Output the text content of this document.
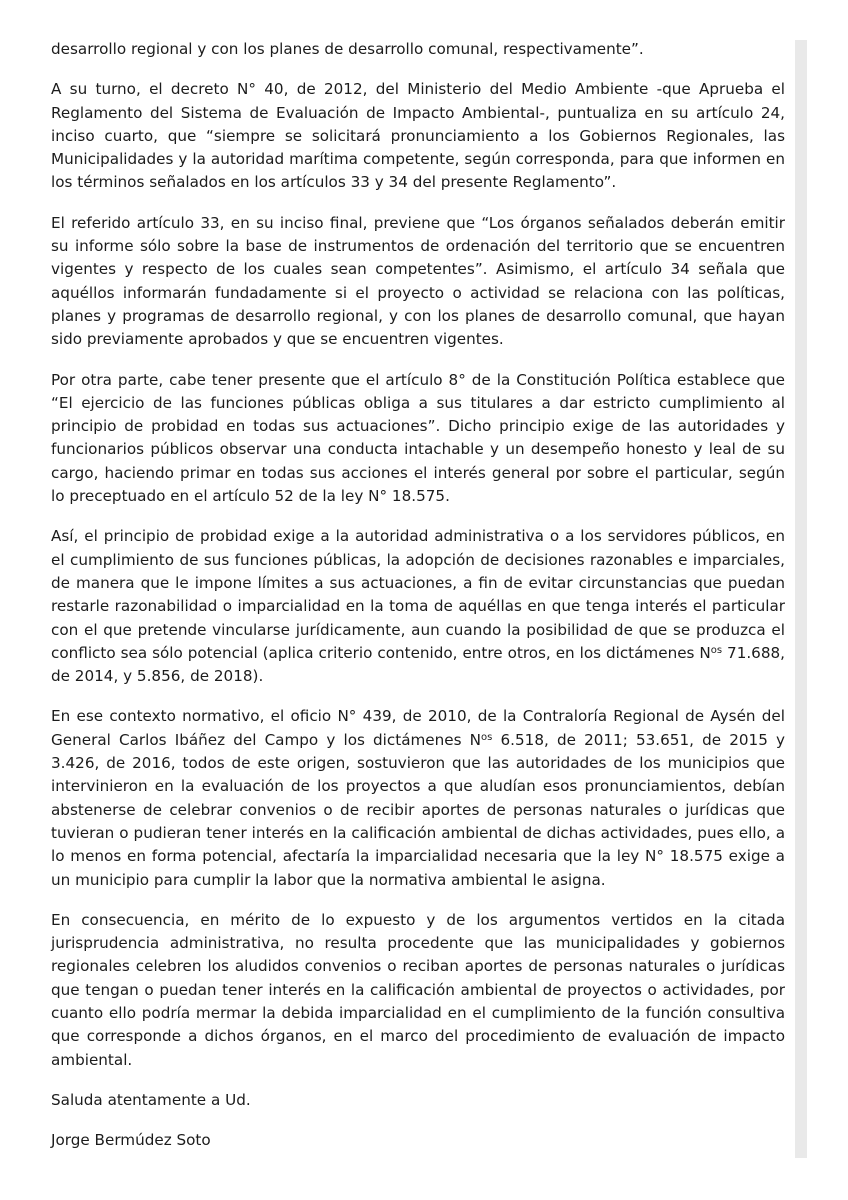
desarrollo regional y con los planes de desarrollo comunal, respectivamente”.

A su turno, el decreto N° 40, de 2012, del Ministerio del Medio Ambiente -que Aprueba el Reglamento del Sistema de Evaluación de Impacto Ambiental-, puntualiza en su artículo 24, inciso cuarto, que “siempre se solicitará pronunciamiento a los Gobiernos Regionales, las Municipalidades y la autoridad marítima competente, según corresponda, para que informen en los términos señalados en los artículos 33 y 34 del presente Reglamento”.

El referido artículo 33, en su inciso final, previene que “Los órganos señalados deberán emitir su informe sólo sobre la base de instrumentos de ordenación del territorio que se encuentren vigentes y respecto de los cuales sean competentes”. Asimismo, el artículo 34 señala que aquéllos informarán fundadamente si el proyecto o actividad se relaciona con las políticas, planes y programas de desarrollo regional, y con los planes de desarrollo comunal, que hayan sido previamente aprobados y que se encuentren vigentes.

Por otra parte, cabe tener presente que el artículo 8° de la Constitución Política establece que “El ejercicio de las funciones públicas obliga a sus titulares a dar estricto cumplimiento al principio de probidad en todas sus actuaciones”. Dicho principio exige de las autoridades y funcionarios públicos observar una conducta intachable y un desempeño honesto y leal de su cargo, haciendo primar en todas sus acciones el interés general por sobre el particular, según lo preceptuado en el artículo 52 de la ley N° 18.575.

Así, el principio de probidad exige a la autoridad administrativa o a los servidores públicos, en el cumplimiento de sus funciones públicas, la adopción de decisiones razonables e imparciales, de manera que le impone límites a sus actuaciones, a fin de evitar circunstancias que puedan restarle razonabilidad o imparcialidad en la toma de aquéllas en que tenga interés el particular con el que pretende vincularse jurídicamente, aun cuando la posibilidad de que se produzca el conflicto sea sólo potencial (aplica criterio contenido, entre otros, en los dictámenes $N^{os}$ 71.688, de 2014, y 5.856, de 2018).

En ese contexto normativo, el oficio N° 439, de 2010, de la Contraloría Regional de Aysén del General Carlos Ibáñez del Campo y los dictámenes $N^{os}$ 6.518, de 2011; 53.651, de 2015 y 3.426, de 2016, todos de este origen, sostuvieron que las autoridades de los municipios que intervinieron en la evaluación de los proyectos a que aludían esos pronunciamientos, debían abstenerse de celebrar convenios o de recibir aportes de personas naturales o jurídicas que tuvieran o pudieran tener interés en la calificación ambiental de dichas actividades, pues ello, a lo menos en forma potencial, afectaría la imparcialidad necesaria que la ley N° 18.575 exige a un municipio para cumplir la labor que la normativa ambiental le asigna.

En consecuencia, en mérito de lo expuesto y de los argumentos vertidos en la citada jurisprudencia administrativa, no resulta procedente que las municipalidades y gobiernos regionales celebren los aludidos convenios o reciban aportes de personas naturales o jurídicas que tengan o puedan tener interés en la calificación ambiental de proyectos o actividades, por cuanto ello podría mermar la debida imparcialidad en el cumplimiento de la función consultiva que corresponde a dichos órganos, en el marco del procedimiento de evaluación de impacto ambiental.

Saluda atentamente a Ud.

Jorge Bermúdez Soto
